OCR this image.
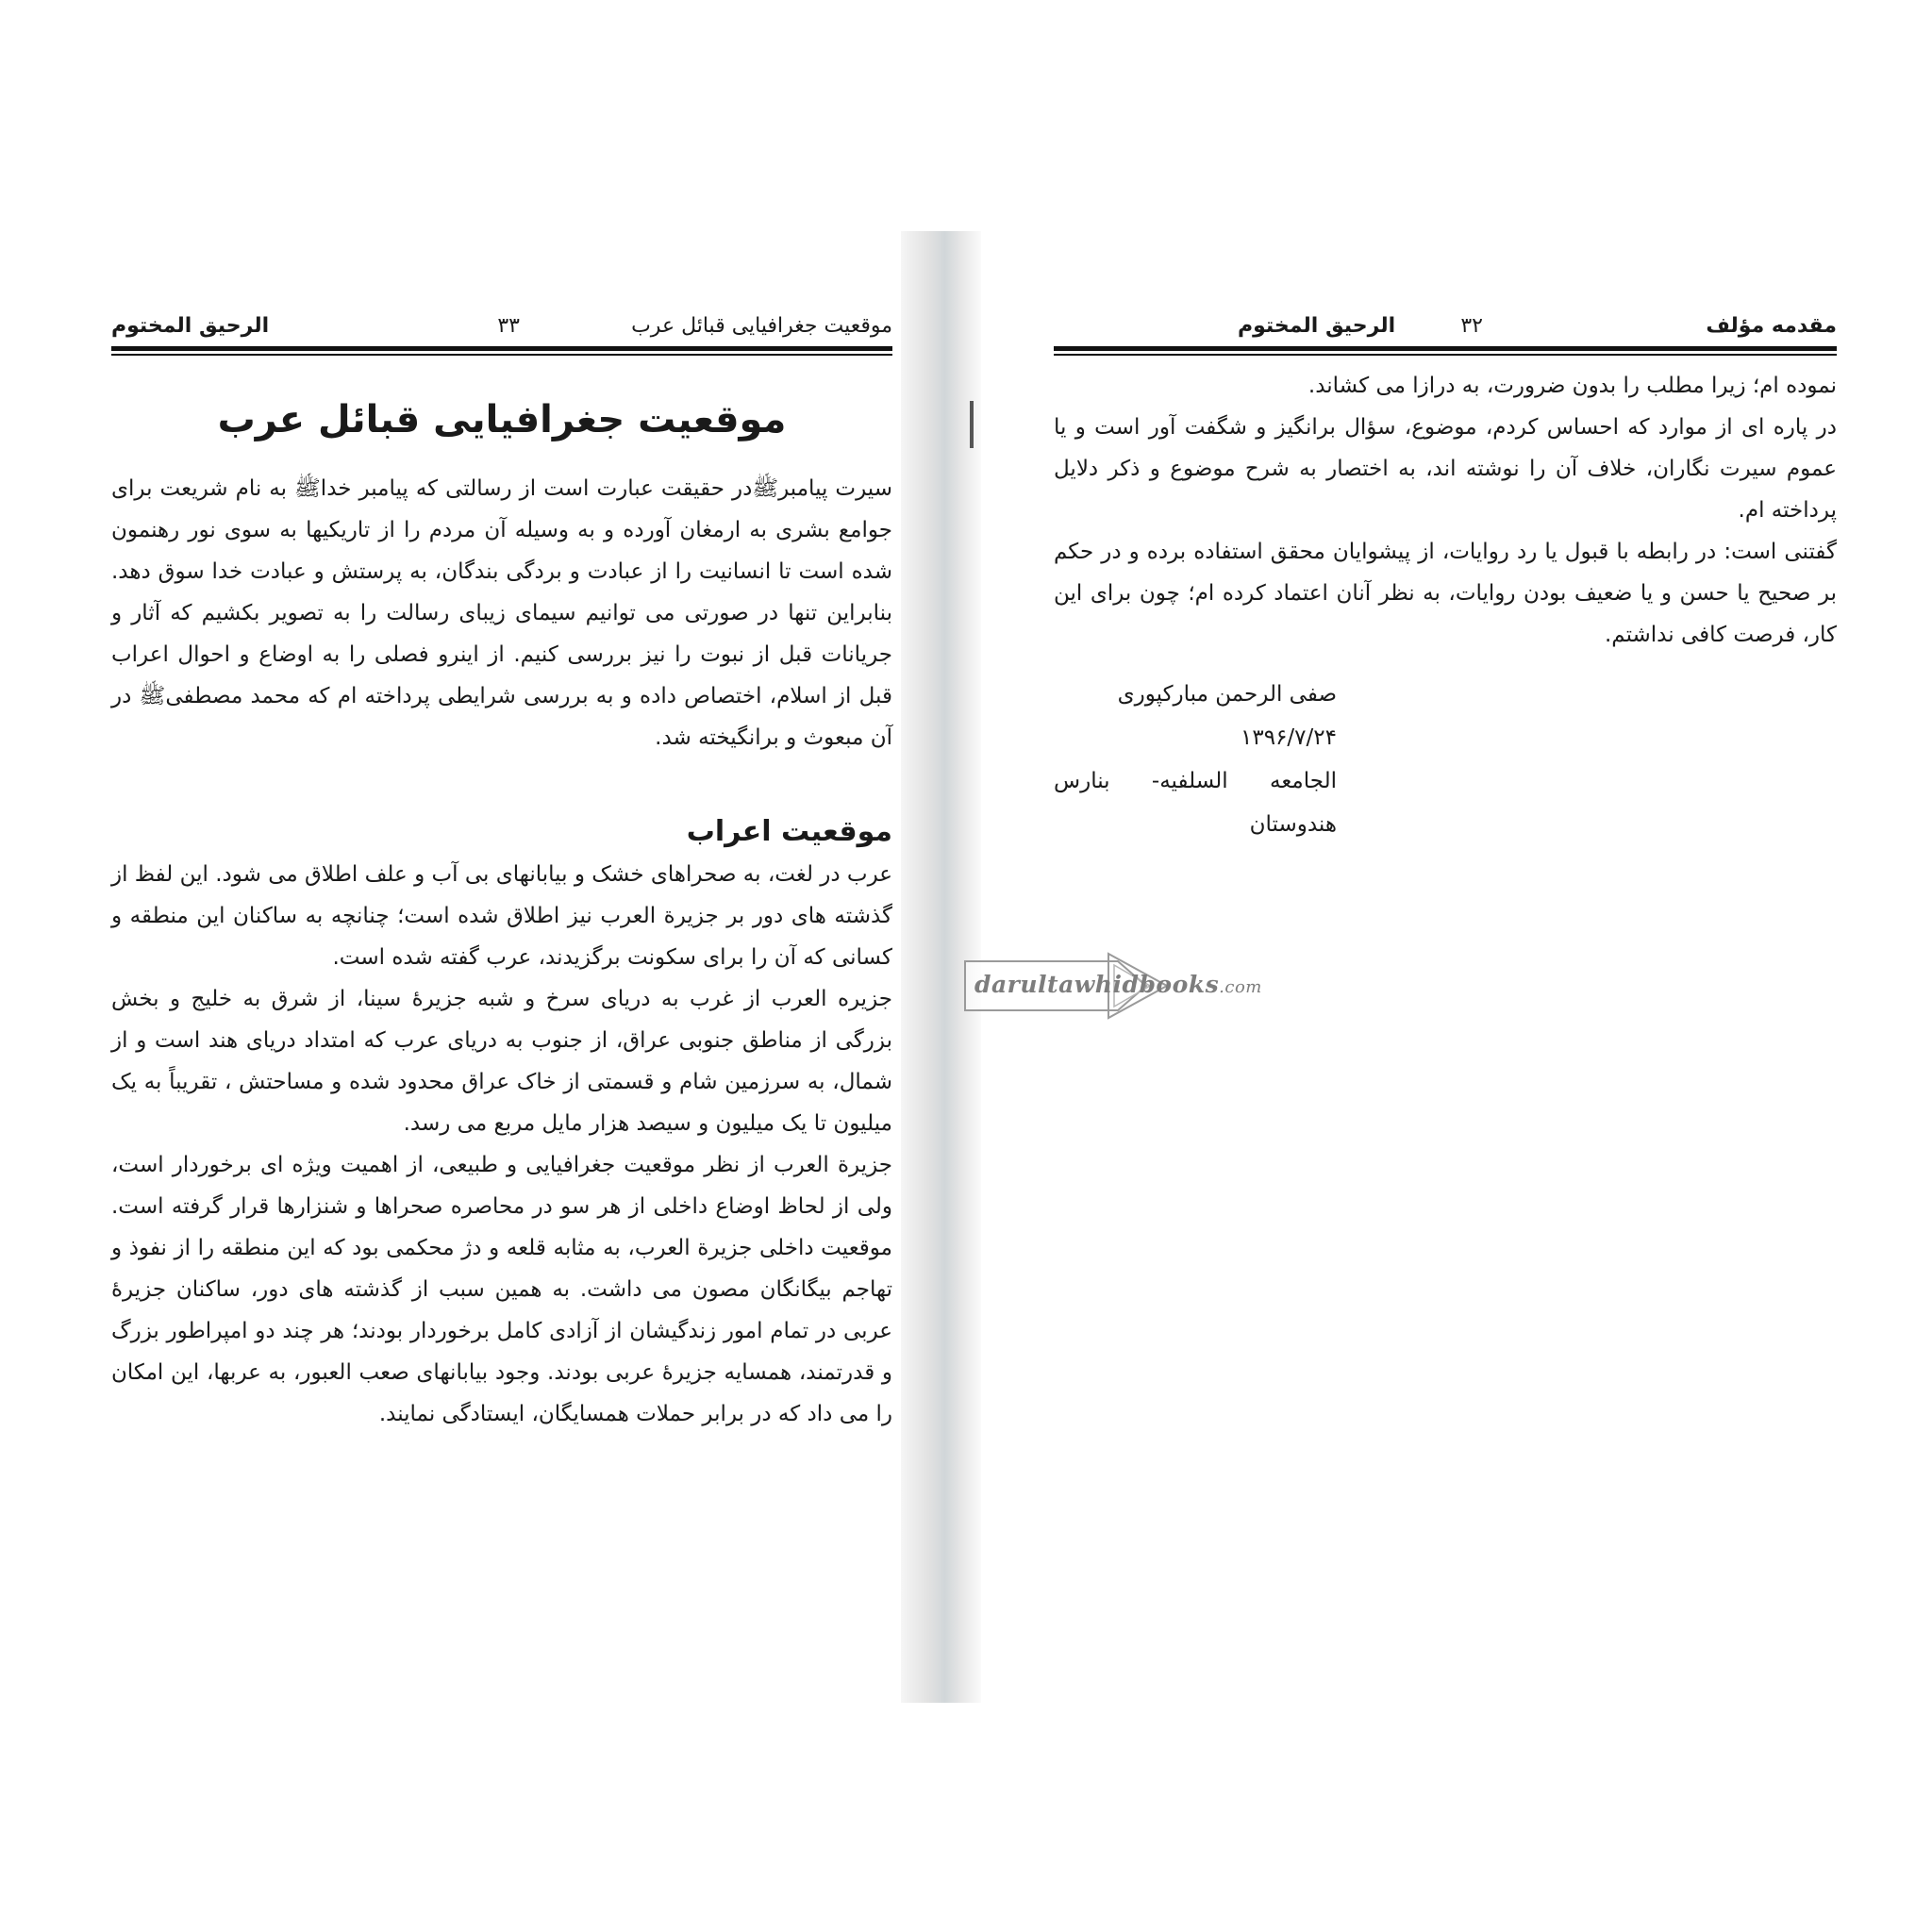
موقعیت جغرافیایی قبائل عرب
۳۳
الرحیق المختوم
موقعیت جغرافیایی قبائل عرب

سیرت پیامبرﷺدر حقیقت عبارت است از رسالتی که پیامبر خداﷺ به نام شریعت برای جوامع بشری به ارمغان آورده و به وسیله آن مردم را از تاریکیها به سوی نور رهنمون شده است تا انسانیت را از عبادت و بردگی بندگان، به پرستش و عبادت خدا سوق دهد. بنابراین تنها در صورتی می توانیم سیمای زیبای رسالت را به تصویر بکشیم که آثار و جریانات قبل از نبوت را نیز بررسی کنیم. از اینرو فصلی را به اوضاع و احوال اعراب قبل از اسلام، اختصاص داده و به بررسی شرایطی پرداخته ام که محمد مصطفیﷺ در آن مبعوث و برانگیخته شد.

موقعیت اعراب

عرب در لغت، به صحراهای خشک و بیابانهای بی آب و علف اطلاق می شود. این لفظ از گذشته های دور بر جزیرة العرب نیز اطلاق شده است؛ چنانچه به ساکنان این منطقه و کسانی که آن را برای سکونت برگزیدند، عرب گفته شده است.

جزیره العرب از غرب به دریای سرخ و شبه جزیرۀ سینا، از شرق به خلیج و بخش بزرگی از مناطق جنوبی عراق، از جنوب به دریای عرب که امتداد دریای هند است و از شمال، به سرزمین شام و قسمتی از خاک عراق محدود شده و مساحتش ، تقریباً به یک میلیون تا یک میلیون و سیصد هزار مایل مربع می رسد.

جزیرة العرب از نظر موقعیت جغرافیایی و طبیعی، از اهمیت ویژه ای برخوردار است، ولی از لحاظ اوضاع داخلی از هر سو در محاصره صحراها و شنزارها قرار گرفته است. موقعیت داخلی جزیرة العرب، به مثابه قلعه و دژ محکمی بود که این منطقه را از نفوذ و تهاجم بیگانگان مصون می داشت. به همین سبب از گذشته های دور، ساکنان جزیرۀ عربی در تمام امور زندگیشان از آزادی کامل برخوردار بودند؛ هر چند دو امپراطور بزرگ و قدرتمند، همسایه جزیرۀ عربی بودند. وجود بیابانهای صعب العبور، به عربها، این امکان را می داد که در برابر حملات همسایگان، ایستادگی نمایند.

مقدمه مؤلف
۳۲
الرحیق المختوم

نموده ام؛ زیرا مطلب را بدون ضرورت، به درازا می کشاند.

در پاره ای از موارد که احساس کردم، موضوع، سؤال برانگیز و شگفت آور است و یا عموم سیرت نگاران، خلاف آن را نوشته اند، به اختصار به شرح موضوع و ذکر دلایل پرداخته ام.

گفتنی است: در رابطه با قبول یا رد روایات، از پیشوایان محقق استفاده برده و در حکم بر صحیح یا حسن و یا ضعیف بودن روایات، به نظر آنان اعتماد کرده ام؛ چون برای این کار، فرصت کافی نداشتم.

صفی الرحمن مبارکپوری
۱۳۹۶/۷/۲۴
الجامعه
السلفیه-
بنارس
هندوستان
darultawhidbooks.com
